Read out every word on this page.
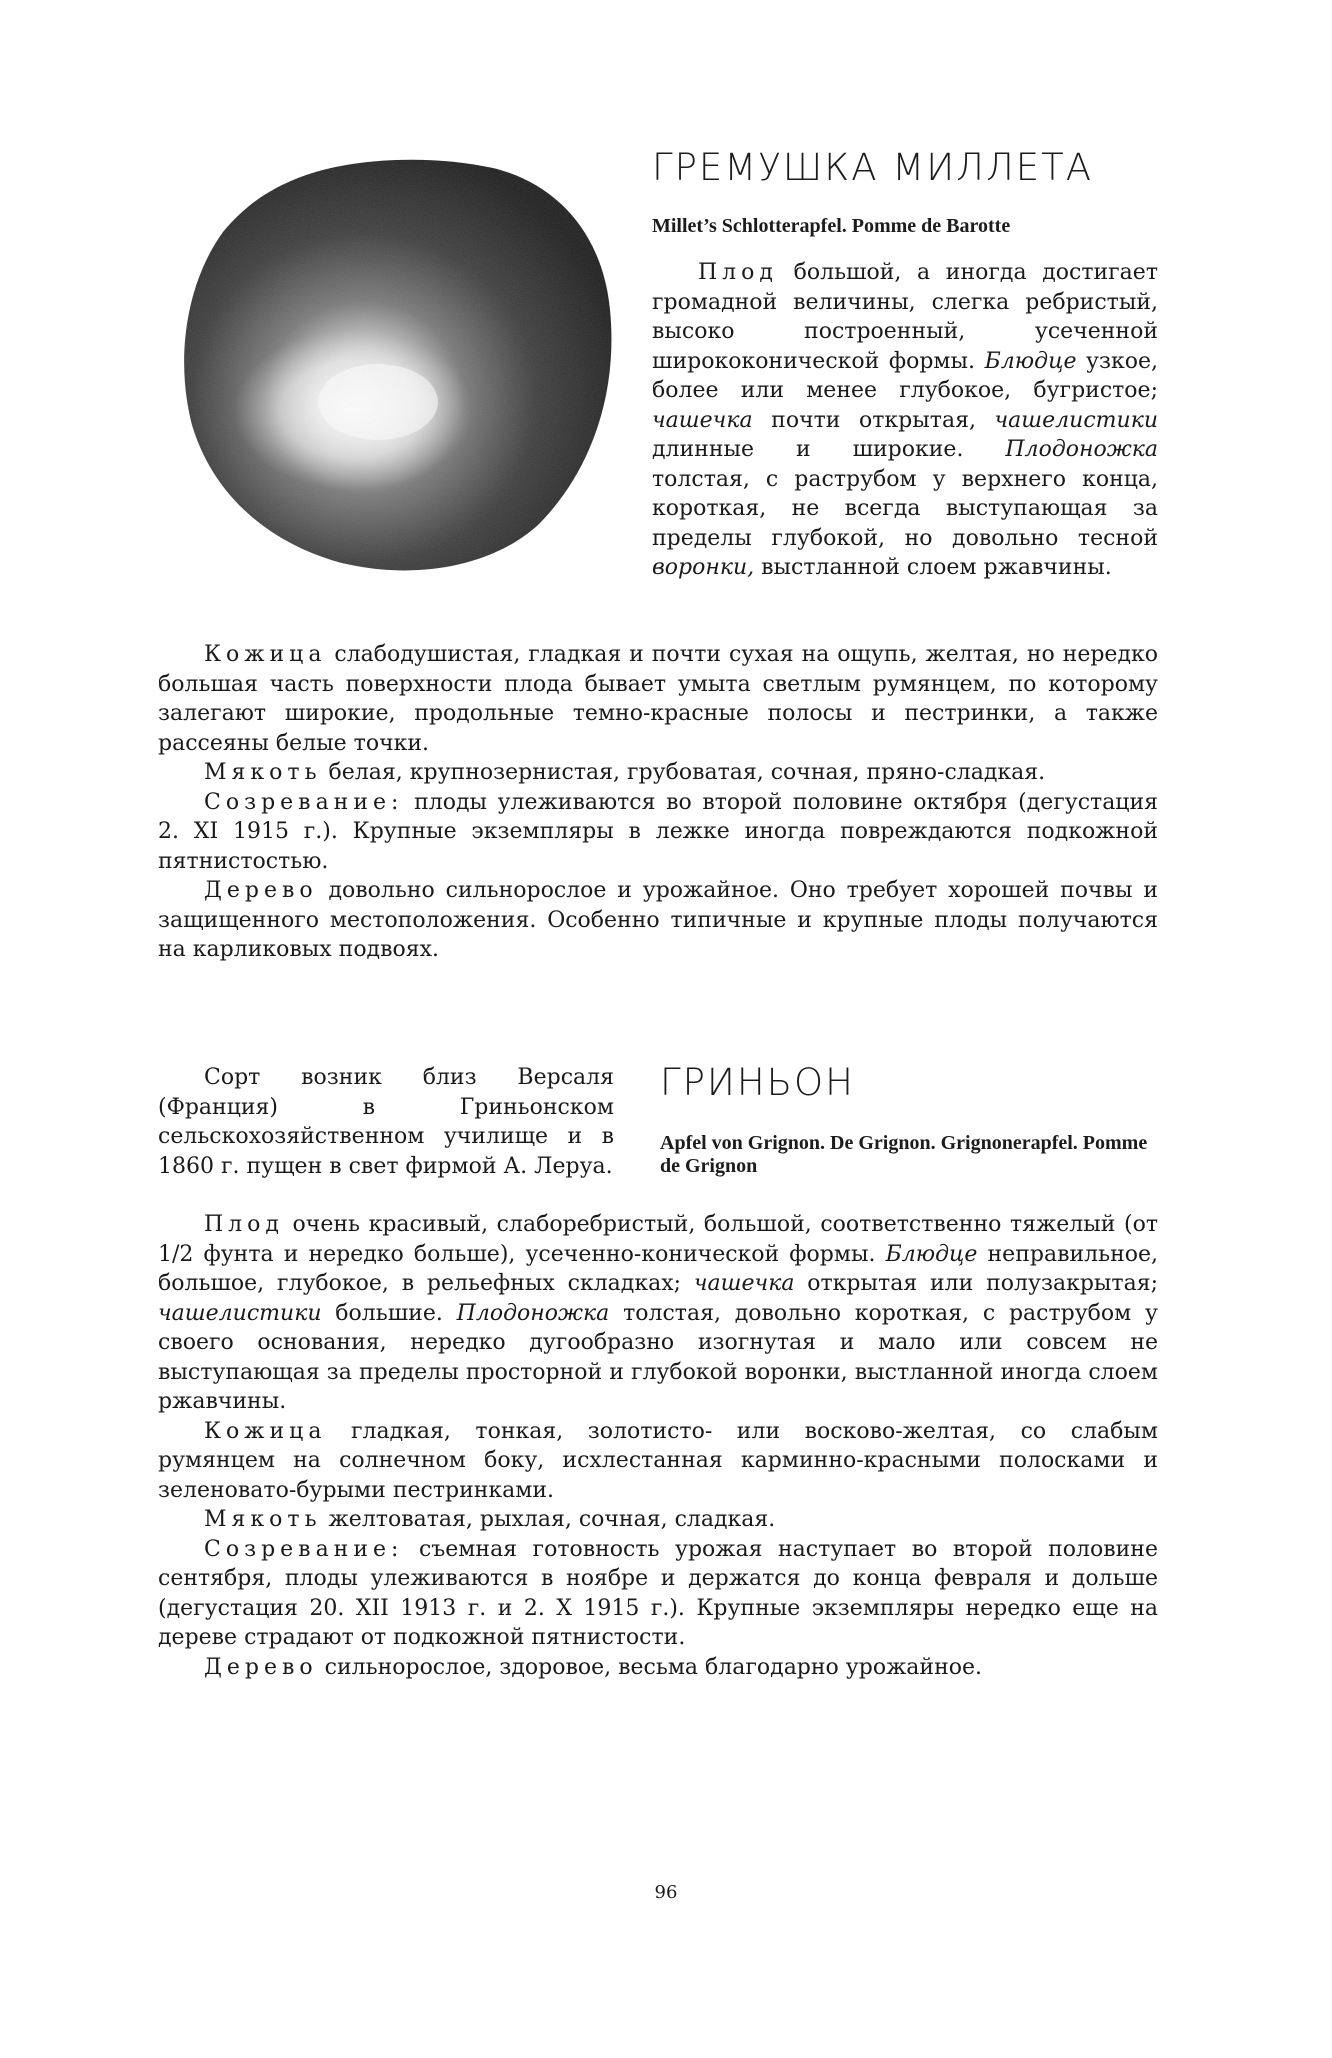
ГРЕМУШКА МИЛЛЕТА
Millet’s Schlotterapfel. Pomme de Barotte

Плод большой, а иногда достигает громадной величины, слегка ребристый, высоко построенный, усеченной ширококонической формы. Блюдце узкое, более или менее глубокое, бугристое; чашечка почти открытая, чашелистики длинные и широкие. Плодоножка толстая, с раструбом у верхнего конца, короткая, не всегда выступающая за пределы глубокой, но довольно тесной воронки, выстланной слоем ржавчины.

Кожица слабодушистая, гладкая и почти сухая на ощупь, желтая, но нередко большая часть поверхности плода бывает умыта светлым румянцем, по которому залегают широкие, продольные темно-красные полосы и пестринки, а также рассеяны белые точки.

Мякоть белая, крупнозернистая, грубоватая, сочная, пряно-сладкая.

Созревание: плоды улеживаются во второй половине октября (дегустация 2. XI 1915 г.). Крупные экземпляры в лежке иногда повреждаются подкожной пятнистостью.

Дерево довольно сильнорослое и урожайное. Оно требует хорошей почвы и защищенного местоположения. Особенно типичные и крупные плоды получаются на карликовых подвоях.

Сорт возник близ Версаля (Франция) в Гриньонском сельскохозяйственном училище и в 1860 г. пущен в свет фирмой А. Леруа.

ГРИНЬОН
Apfel von Grignon. De Grignon. Grignonerapfel. Pomme de Grignon

Плод очень красивый, слаборебристый, большой, соответственно тяжелый (от 1/2 фунта и нередко больше), усеченно-конической формы. Блюдце неправильное, большое, глубокое, в рельефных складках; чашечка открытая или полузакрытая; чашелистики большие. Плодоножка толстая, довольно короткая, с раструбом у своего основания, нередко дугообразно изогнутая и мало или совсем не выступающая за пределы просторной и глубокой воронки, выстланной иногда слоем ржавчины.

Кожица гладкая, тонкая, золотисто- или восково-желтая, со слабым румянцем на солнечном боку, исхлестанная карминно-красными полосками и зеленовато-бурыми пестринками.

Мякоть желтоватая, рыхлая, сочная, сладкая.

Созревание: съемная готовность урожая наступает во второй половине сентября, плоды улеживаются в ноябре и держатся до конца февраля и дольше (дегустация 20. XII 1913 г. и 2. X 1915 г.). Крупные экземпляры нередко еще на дереве страдают от подкожной пятнистости.

Дерево сильнорослое, здоровое, весьма благодарно урожайное.

96
